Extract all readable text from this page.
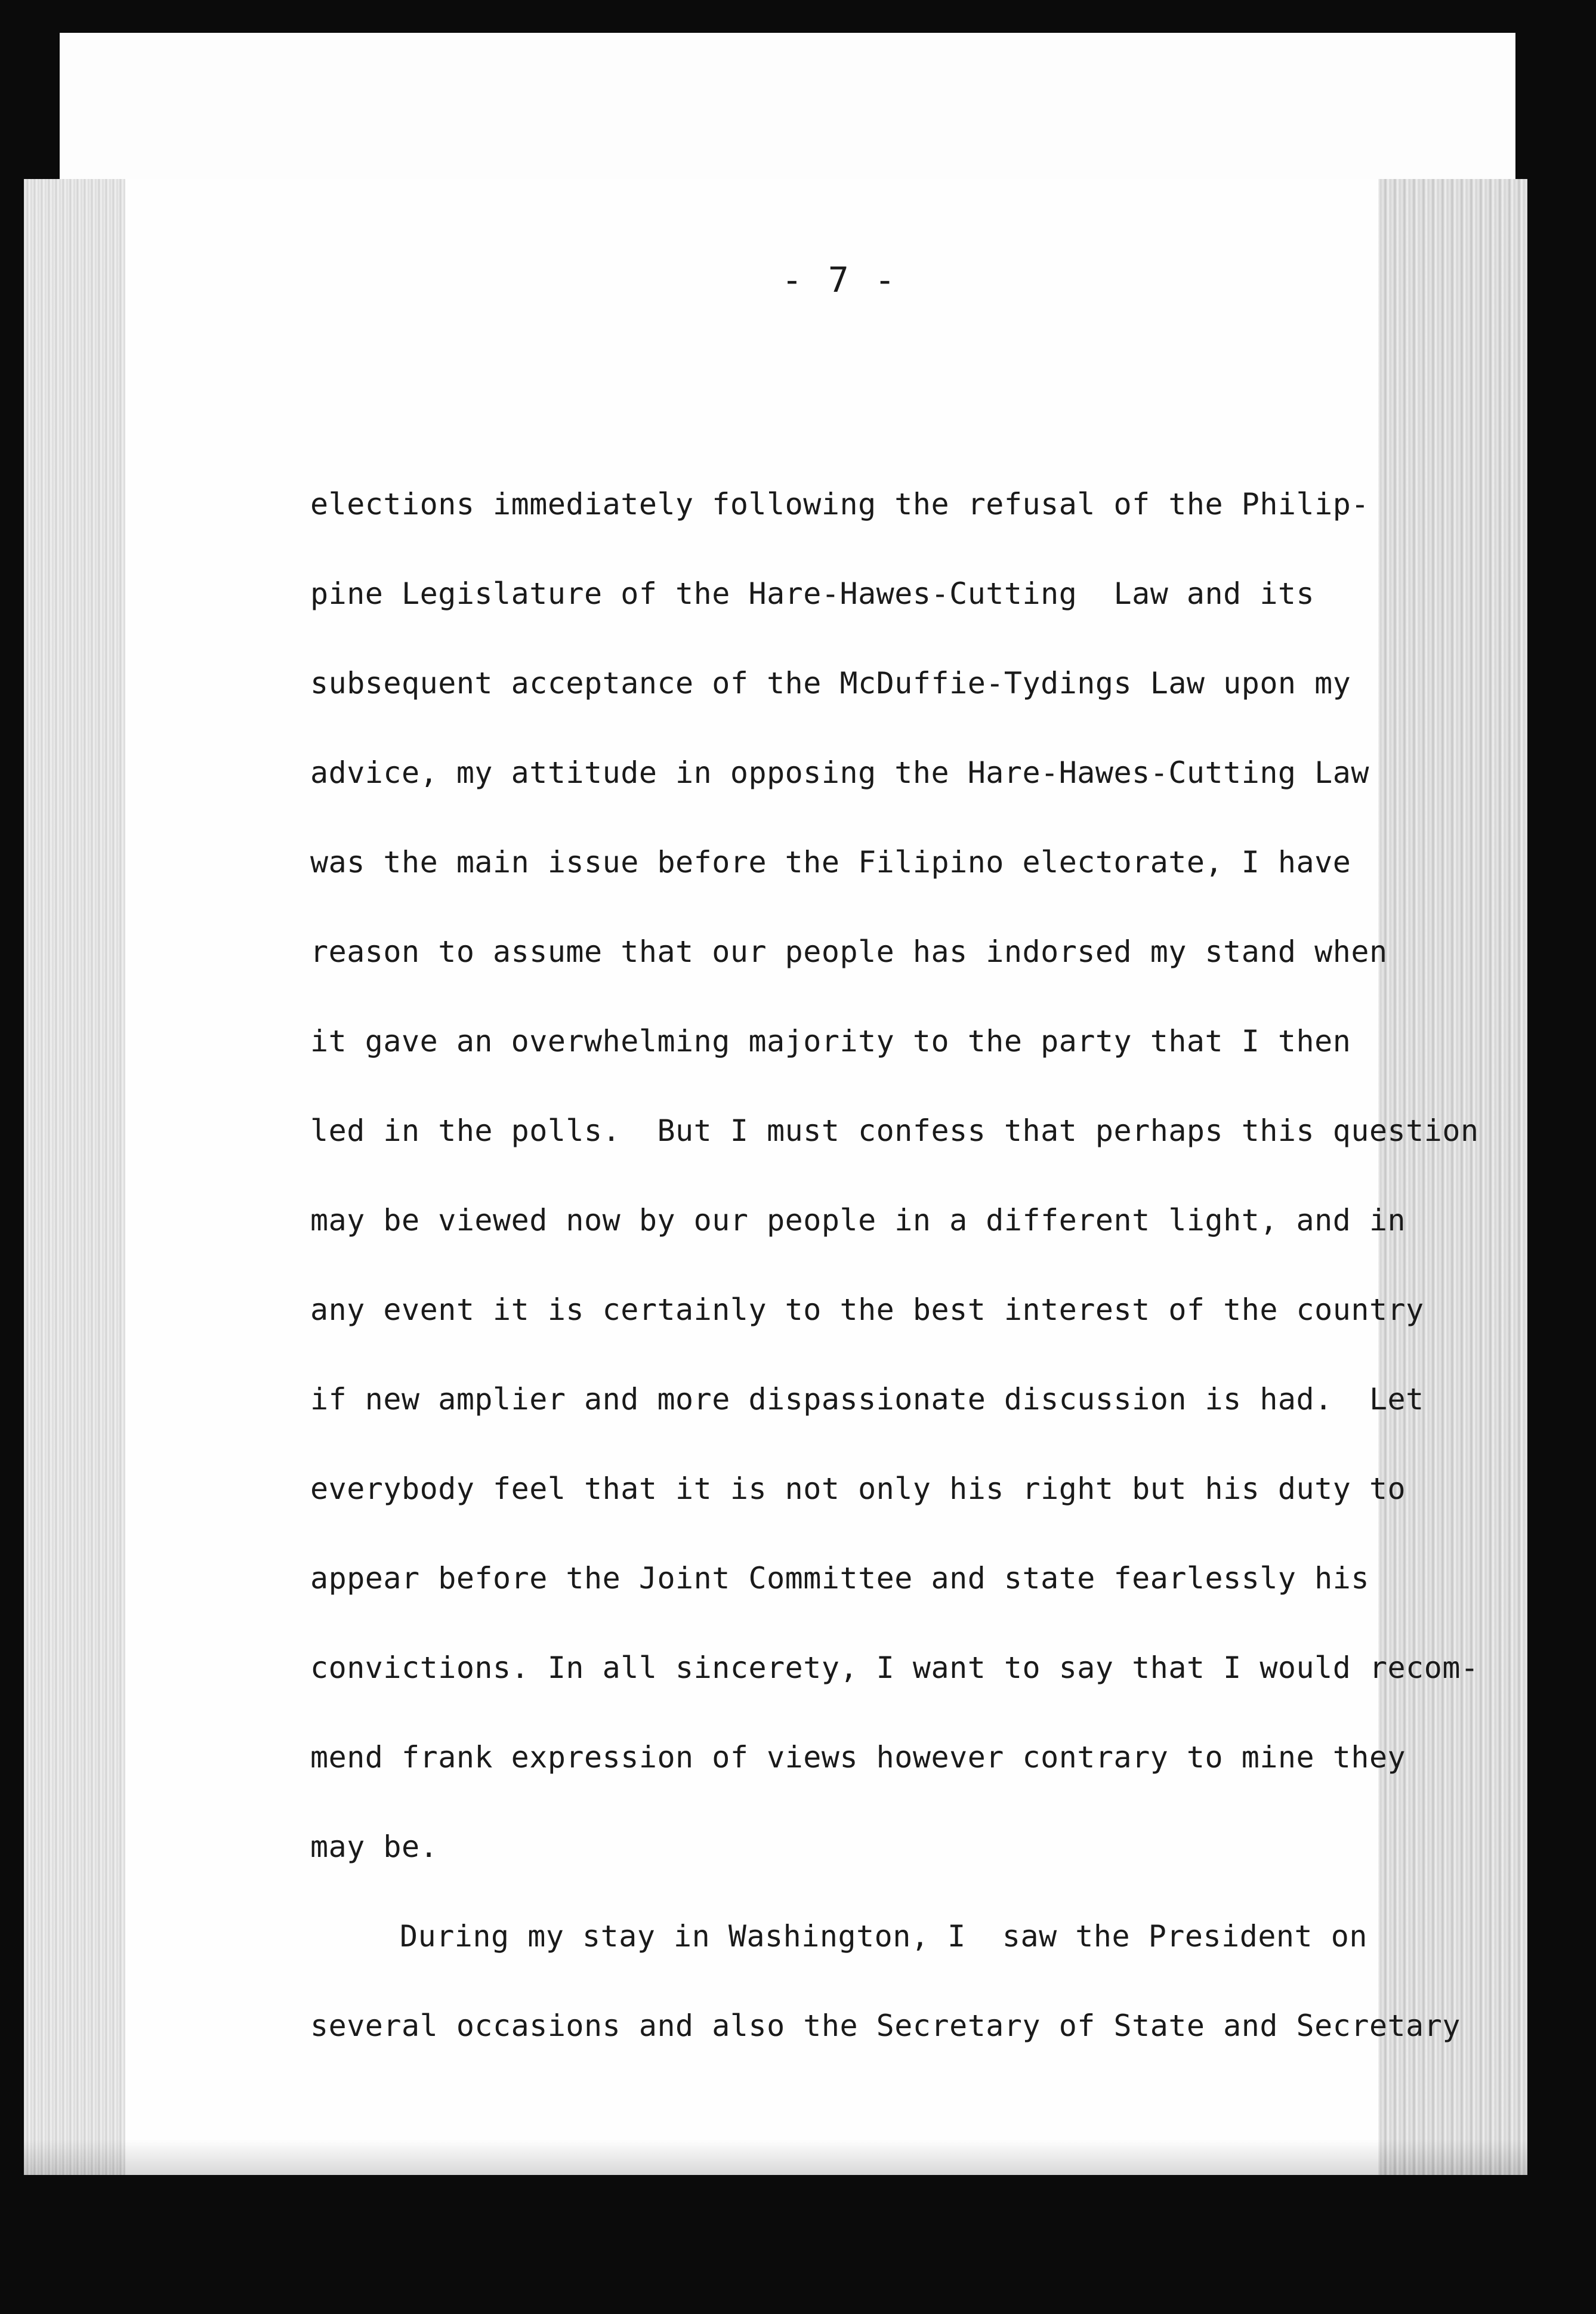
- 7 -
elections immediately following the refusal of the Philip-
pine Legislature of the Hare-Hawes-Cutting  Law and its
subsequent acceptance of the McDuffie-Tydings Law upon my
advice, my attitude in opposing the Hare-Hawes-Cutting Law
was the main issue before the Filipino electorate, I have
reason to assume that our people has indorsed my stand when
it gave an overwhelming majority to the party that I then
led in the polls.  But I must confess that perhaps this question
may be viewed now by our people in a different light, and in
any event it is certainly to the best interest of the country
if new amplier and more dispassionate discussion is had.  Let
everybody feel that it is not only his right but his duty to
appear before the Joint Committee and state fearlessly his
convictions. In all sincerety, I want to say that I would recom-
mend frank expression of views however contrary to mine they
may be.
During my stay in Washington, I  saw the President on
several occasions and also the Secretary of State and Secretary
